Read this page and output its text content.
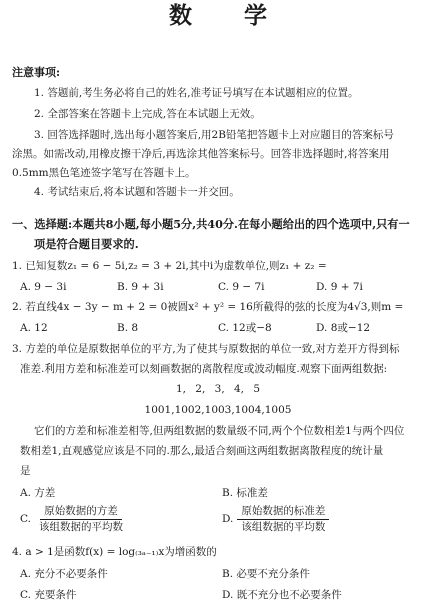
数 学
注意事项:
1. 答题前,考生务必将自己的姓名,准考证号填写在本试题相应的位置。
2. 全部答案在答题卡上完成,答在本试题上无效。
3. 回答选择题时,选出每小题答案后,用2B铅笔把答题卡上对应题目的答案标号
涂黑。如需改动,用橡皮擦干净后,再选涂其他答案标号。回答非选择题时,将答案用
0.5mm黑色笔迹签字笔写在答题卡上。
4. 考试结束后,将本试题和答题卡一并交回。
一、选择题:本题共8小题,每小题5分,共40分.在每小题给出的四个选项中,只有一
项是符合题目要求的.
1. 已知复数z₁ = 6 − 5i,z₂ = 3 + 2i,其中i为虚数单位,则z₁ + z₂ =
A. 9 − 3i	B. 9 + 3i	C. 9 − 7i	D. 9 + 7i
2. 若直线4x − 3y − m + 2 = 0被圆x² + y² = 16所截得的弦的长度为4√3,则m =
A. 12	B. 8	C. 12或−8	D. 8或−12
3. 方差的单位是原数据单位的平方,为了使其与原数据的单位一致,对方差开方得到标
准差.利用方差和标准差可以刻画数据的离散程度或波动幅度.观察下面两组数据:
1, 2, 3, 4, 5
1001,1002,1003,1004,1005
它们的方差和标准差相等,但两组数据的数量级不同,两个个位数相差1与两个四位
数相差1,直观感觉应该是不同的.那么,最适合刻画这两组数据离散程度的统计量
是
A. 方差	B. 标准差
C. $\frac{\text{原始数据的方差}}{\text{该组数据的平均数}}$	D. $\frac{\text{原始数据的标准差}}{\text{该组数据的平均数}}$
4. a > 1是函数f(x) = log₍₃ₐ₋₁₎x为增函数的
A. 充分不必要条件	B. 必要不充分条件
C. 充要条件	D. 既不充分也不必要条件
